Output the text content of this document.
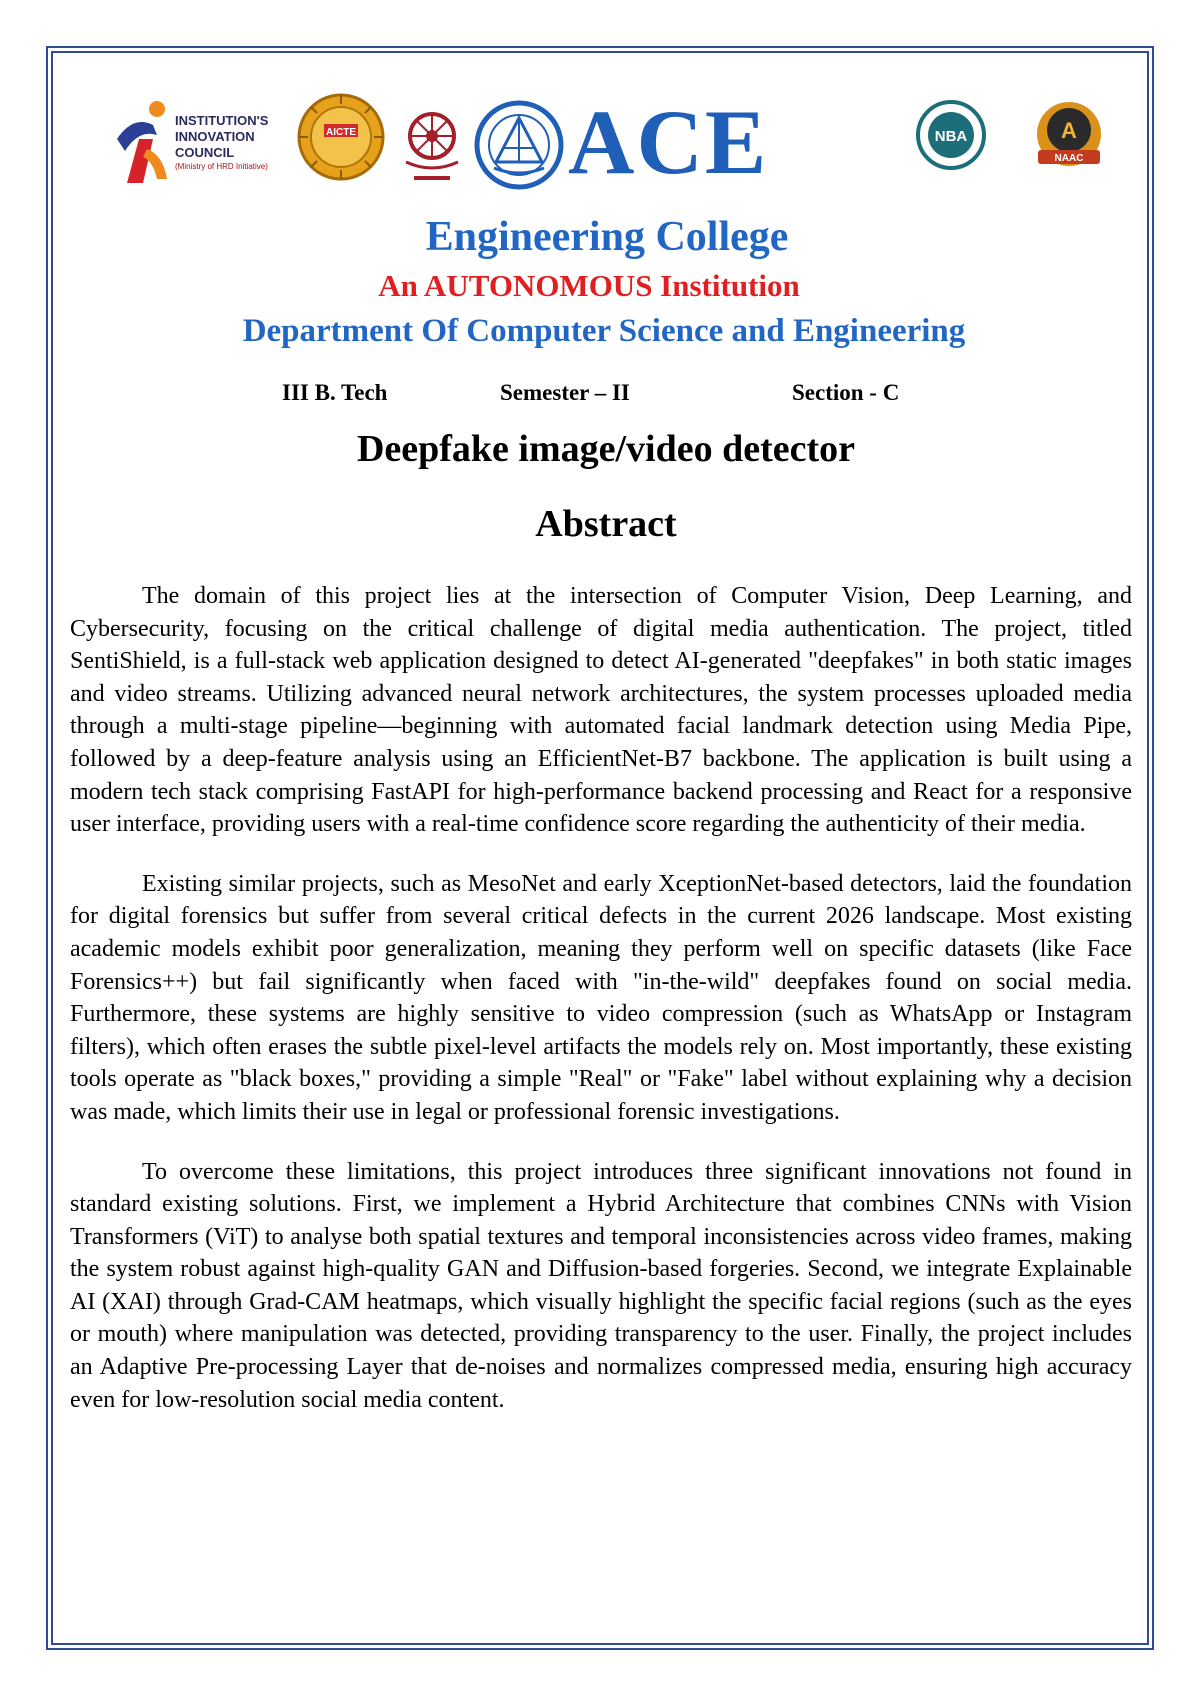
INSTITUTION'S
INNOVATION
COUNCIL
(Ministry of HRD Initiative)
AICTE ACE	NBA	A
NAAC
Engineering College
An AUTONOMOUS Institution
Department Of Computer Science and Engineering
III B. Tech	Semester – II	Section - C
Deepfake image/video detector
Abstract

The domain of this project lies at the intersection of Computer Vision, Deep Learning, and Cybersecurity, focusing on the critical challenge of digital media authentication. The project, titled SentiShield, is a full-stack web application designed to detect AI-generated "deepfakes" in both static images and video streams. Utilizing advanced neural network architectures, the system processes uploaded media through a multi-stage pipeline—beginning with automated facial landmark detection using Media Pipe, followed by a deep-feature analysis using an EfficientNet-B7 backbone. The application is built using a modern tech stack comprising FastAPI for high-performance backend processing and React for a responsive user interface, providing users with a real-time confidence score regarding the authenticity of their media.

Existing similar projects, such as MesoNet and early XceptionNet-based detectors, laid the foundation for digital forensics but suffer from several critical defects in the current 2026 landscape. Most existing academic models exhibit poor generalization, meaning they perform well on specific datasets (like Face Forensics++) but fail significantly when faced with "in-the-wild" deepfakes found on social media. Furthermore, these systems are highly sensitive to video compression (such as WhatsApp or Instagram filters), which often erases the subtle pixel-level artifacts the models rely on. Most importantly, these existing tools operate as "black boxes," providing a simple "Real" or "Fake" label without explaining why a decision was made, which limits their use in legal or professional forensic investigations.

To overcome these limitations, this project introduces three significant innovations not found in standard existing solutions. First, we implement a Hybrid Architecture that combines CNNs with Vision Transformers (ViT) to analyse both spatial textures and temporal inconsistencies across video frames, making the system robust against high-quality GAN and Diffusion-based forgeries. Second, we integrate Explainable AI (XAI) through Grad-CAM heatmaps, which visually highlight the specific facial regions (such as the eyes or mouth) where manipulation was detected, providing transparency to the user. Finally, the project includes an Adaptive Pre-processing Layer that de-noises and normalizes compressed media, ensuring high accuracy even for low-resolution social media content.
